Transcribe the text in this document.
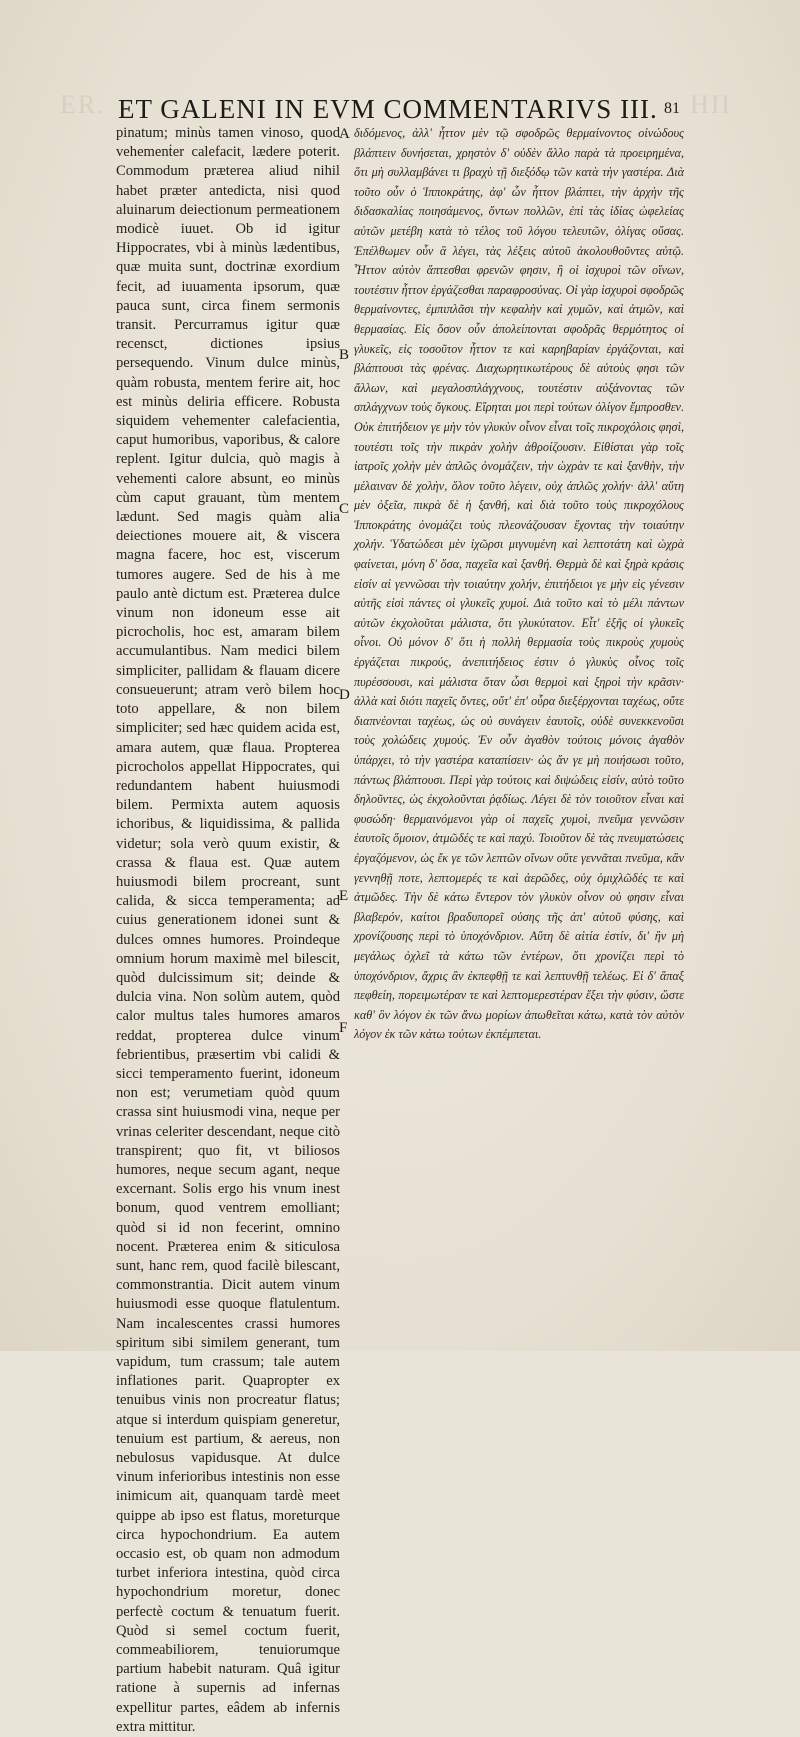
ER.	HII
ET GALENI IN EVM COMMENTARIVS III. 81

pinatum; minùs tamen vinoso, quod vehemenṫer calefacit, lædere poterit. Commodum præterea aliud nihil habet præter antedicta, nisi quod aluinarum deiectionum permeationem modicè iuuet. Ob id igitur Hippocrates, vbi à minùs lædentibus, quæ muita sunt, doctrinæ exordium fecit, ad iuuamenta ipsorum, quæ pauca sunt, circa finem sermonis transit. Percurramus igitur quæ recensct, dictiones ipsius persequendo. Vinum dulce minùs, quàm robusta, mentem ferire ait, hoc est minùs deliria efficere. Robusta siquidem vehementer calefacientia, caput humoribus, vaporibus, & calore replent. Igitur dulcia, quò magis à vehementi calore absunt, eo minùs cùm caput grauant, tùm mentem lædunt. Sed magis quàm alia deiectiones mouere ait, & viscera magna facere, hoc est, viscerum tumores augere. Sed de his à me paulo antè dictum est. Præterea dulce vinum non idoneum esse ait picrocholis, hoc est, amaram bilem accumulantibus. Nam medici bilem simpliciter, pallidam & flauam dicere consueuerunt; atram verò bilem hoc toto appellare, & non bilem simpliciter; sed hæc quidem acida est, amara autem, quæ flaua. Propterea picrocholos appellat Hippocrates, qui redundantem habent huiusmodi bilem. Permixta autem aquosis ichoribus, & liquidissima, & pallida videtur; sola verò quum existir, & crassa & flaua est. Quæ autem huiusmodi bilem procreant, sunt calida, & sicca temperamenta; ad cuius generationem idonei sunt & dulces omnes humores. Proindeque omnium horum maximè mel bilescit, quòd dulcissimum sit; deinde & dulcia vina. Non solùm autem, quòd calor multus tales humores amaros reddat, propterea dulce vinum febrientibus, præsertim vbi calidi & sicci temperamento fuerint, idoneum non est; verumetiam quòd quum crassa sint huiusmodi vina, neque per vrinas celeriter descendant, neque citò transpirent; quo fit, vt biliosos humores, neque secum agant, neque excernant. Solis ergo his vnum inest bonum, quod ventrem emolliant; quòd si id non fecerint, omnino nocent. Præterea enim & siticulosa sunt, hanc rem, quod facilè bilescant, commonstrantia. Dicit autem vinum huiusmodi esse quoque flatulentum. Nam incalescentes crassi humores spiritum sibi similem generant, tum vapidum, tum crassum; tale autem inflationes parit. Quapropter ex tenuibus vinis non procreatur flatus; atque si interdum quispiam generetur, tenuium est partium, & aereus, non nebulosus vapidusque. At dulce vinum inferioribus intestinis non esse inimicum ait, quanquam tardè meet quippe ab ipso est flatus, moreturque circa hypochondrium. Ea autem occasio est, ob quam non admodum turbet inferiora intestina, quòd circa hypochondrium moretur, donec perfectè coctum & tenuatum fuerit. Quòd si semel coctum fuerit, commeabiliorem, tenuiorumque partium habebit naturam. Quâ igitur ratione à supernis ad infernas expellitur partes, eâdem ab infernis extra mittitur.

A
B
C
D
E
F

διδόμενος, ἀλλ' ἧττον μὲν τῷ σφοδρῶς θερμαίνοντος οἰνώδους βλάπτειν δυνήσεται, χρηστὸν δ' οὐδὲν ἄλλο παρὰ τὰ προειρημένα, ὅτι μὴ συλλαμβάνει τι βραχὺ τῇ διεξόδῳ τῶν κατὰ τὴν γαστέρα. Διὰ τοῦτο οὖν ὁ Ἱπποκράτης, ἀφ' ὧν ἧττον βλάπτει, τὴν ἀρχὴν τῆς διδασκαλίας ποιησάμενος, ὄντων πολλῶν, ἐπὶ τὰς ἰδίας ὠφελείας αὐτῶν μετέβη κατὰ τὸ τέλος τοῦ λόγου τελευτῶν, ὀλίγας οὔσας. Ἐπέλθωμεν οὖν ἃ λέγει, τὰς λέξεις αὐτοῦ ἀκολουθοῦντες αὐτῷ. Ἧττον αὐτὸν ἅπτεσθαι φρενῶν φησιν, ἢ οἱ ἰσχυροὶ τῶν οἴνων, τουτέστιν ἧττον ἐργάζεσθαι παραφροσύνας. Οἱ γὰρ ἰσχυροὶ σφοδρῶς θερμαίνοντες, ἐμπιπλᾶσι τὴν κεφαλὴν καὶ χυμῶν, καὶ ἀτμῶν, καὶ θερμασίας. Εἰς ὅσον οὖν ἀπολείπονται σφοδρᾶς θερμότητος οἱ γλυκεῖς, εἰς τοσοῦτον ἧττον τε καὶ καρηβαρίαν ἐργάζονται, καὶ βλάπτουσι τὰς φρένας. Διαχωρητικωτέρους δὲ αὐτοὺς φησι τῶν ἄλλων, καὶ μεγαλοσπλάγχνους, τουτέστιν αὐξάνοντας τῶν σπλάγχνων τοὺς ὄγκους. Εἴρηται μοι περὶ τούτων ὀλίγον ἔμπροσθεν. Οὐκ ἐπιτήδειον γε μὴν τὸν γλυκὺν οἶνον εἶναι τοῖς πικροχόλοις φησὶ, τουτέστι τοῖς τὴν πικρὰν χολὴν ἀθροίζουσιν. Εἰθίσται γὰρ τοῖς ἰατροῖς χολὴν μὲν ἁπλῶς ὀνομάζειν, τὴν ὠχρὰν τε καὶ ξανθὴν, τὴν μέλαιναν δὲ χολὴν, ὅλον τοῦτο λέγειν, οὐχ ἁπλῶς χολήν· ἀλλ' αὕτη μὲν ὀξεῖα, πικρὰ δὲ ἡ ξανθή, καὶ διὰ τοῦτο τοὺς πικροχόλους Ἱπποκράτης ὀνομάζει τοὺς πλεονάζουσαν ἔχοντας τὴν τοιαύτην χολήν. Ὑδατώδεσι μὲν ἰχῶρσι μιγνυμένη καὶ λεπτοτάτη καὶ ὠχρὰ φαίνεται, μόνη δ' ὅσα, παχεῖα καὶ ξανθή. Θερμὰ δὲ καὶ ξηρὰ κράσις εἰσίν αἱ γεννῶσαι τὴν τοιαύτην χολήν, ἐπιτήδειοι γε μὴν εἰς γένεσιν αὐτῆς εἰσὶ πάντες οἱ γλυκεῖς χυμοί. Διὰ τοῦτο καὶ τὸ μέλι πάντων αὐτῶν ἐκχολοῦται μάλιστα, ὅτι γλυκύτατον. Εἶτ' ἐξῆς οἱ γλυκεῖς οἶνοι. Οὐ μόνον δ' ὅτι ἡ πολλὴ θερμασία τοὺς πικροὺς χυμοὺς ἐργάζεται πικρούς, ἀνεπιτήδειος ἐστιν ὁ γλυκὺς οἶνος τοῖς πυρέσσουσι, καὶ μάλιστα ὅταν ὦσι θερμοὶ καὶ ξηροὶ τὴν κρᾶσιν· ἀλλὰ καὶ διότι παχεῖς ὄντες, οὔτ' ἐπ' οὖρα διεξέρχονται ταχέως, οὔτε διαπνέονται ταχέως, ὡς οὐ συνάγειν ἑαυτοῖς, οὐδὲ συνεκκενοῦσι τοὺς χολώδεις χυμούς. Ἐν οὖν ἀγαθὸν τούτοις μόνοις ἀγαθὸν ὑπάρχει, τὸ τὴν γαστέρα καταπίσειν· ὡς ἄν γε μὴ ποιήσωσι τοῦτο, πάντως βλάπτουσι. Περὶ γὰρ τούτοις καὶ διψώδεις εἰσίν, αὐτὸ τοῦτο δηλοῦντες, ὡς ἐκχολοῦνται ῥᾳδίως. Λέγει δὲ τὸν τοιοῦτον εἶναι καὶ φυσώδη· θερμαινόμενοι γὰρ οἱ παχεῖς χυμοὶ, πνεῦμα γεννῶσιν ἑαυτοῖς ὅμοιον, ἀτμῶδές τε καὶ παχύ. Τοιοῦτον δὲ τὰς πνευματώσεις ἐργαζόμενον, ὡς ἔκ γε τῶν λεπτῶν οἴνων οὔτε γεννᾶται πνεῦμα, κἂν γεννηθῇ ποτε, λεπτομερές τε καὶ ἀερῶδες, οὐχ ὁμιχλῶδές τε καὶ ἀτμῶδες. Τὴν δὲ κάτω ἔντερον τὸν γλυκὺν οἶνον οὐ φησιν εἶναι βλαβερόν, καίτοι βραδυπορεῖ οὐσης τῆς ἀπ' αὐτοῦ φύσης, καὶ χρονίζουσης περὶ τὸ ὑποχόνδριον. Αὕτη δὲ αἰτία ἐστίν, δι' ἣν μὴ μεγάλως ὀχλεῖ τὰ κάτω τῶν ἐντέρων, ὅτι χρονίζει περὶ τὸ ὑποχόνδριον, ἄχρις ἂν ἐκπεφθῇ τε καὶ λεπτυνθῇ τελέως. Εἰ δ' ἅπαξ πεφθείη, πορειμωτέραν τε καὶ λεπτομερεστέραν ἕξει τὴν φύσιν, ὥστε καθ' ὃν λόγον ἐκ τῶν ἄνω μορίων ἀπωθεῖται κάτω, κατὰ τὸν αὐτὸν λόγον ἐκ τῶν κάτω τούτων ἐκπέμπεται.
